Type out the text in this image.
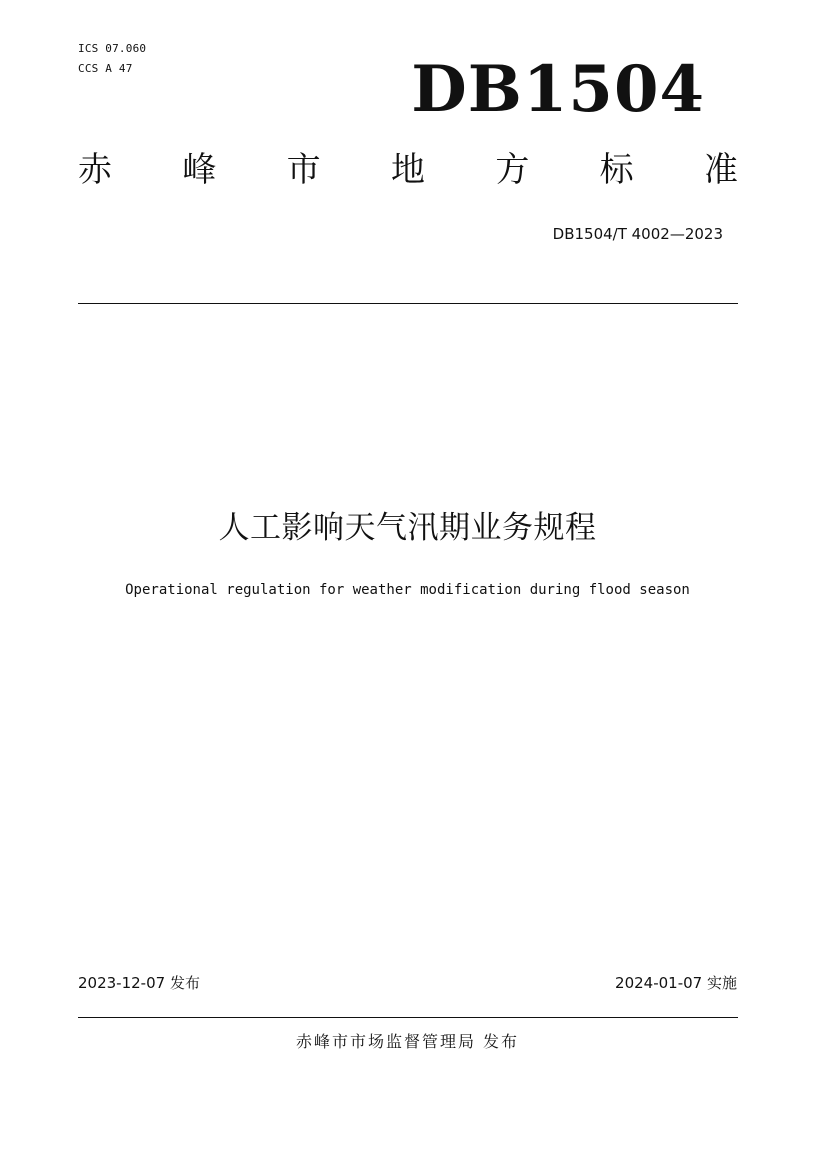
ICS 07.060
CCS A 47	DB1504
赤 峰 市 地 方 标 准
DB1504/T 4002—2023
人工影响天气汛期业务规程
Operational regulation for weather modification during flood season
2023-12-07 发布	2024-01-07 实施
赤峰市市场监督管理局 发布
